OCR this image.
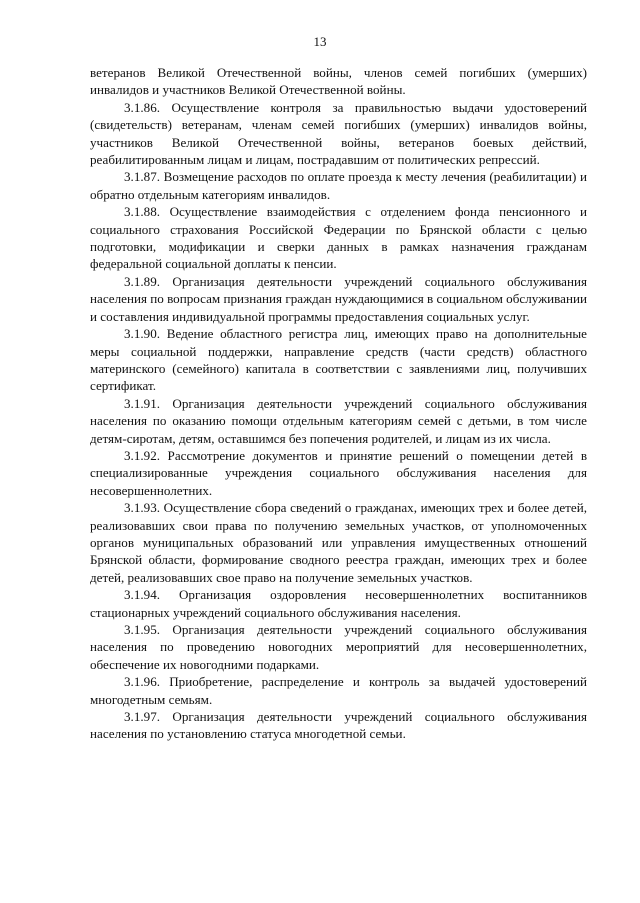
13

ветеранов Великой Отечественной войны, членов семей погибших (умерших) инвалидов и участников Великой Отечественной войны.

3.1.86. Осуществление контроля за правильностью выдачи удостоверений (свидетельств) ветеранам, членам семей погибших (умерших) инвалидов войны, участников Великой Отечественной войны, ветеранов боевых действий, реабилитированным лицам и лицам, пострадавшим от политических репрессий.

3.1.87. Возмещение расходов по оплате проезда к месту лечения (реабилитации) и обратно отдельным категориям инвалидов.

3.1.88. Осуществление взаимодействия с отделением фонда пенсионного и социального страхования Российской Федерации по Брянской области с целью подготовки, модификации и сверки данных в рамках назначения гражданам федеральной социальной доплаты к пенсии.

3.1.89. Организация деятельности учреждений социального обслуживания населения по вопросам признания граждан нуждающимися в социальном обслуживании и составления индивидуальной программы предоставления социальных услуг.

3.1.90. Ведение областного регистра лиц, имеющих право на дополнительные меры социальной поддержки, направление средств (части средств) областного материнского (семейного) капитала в соответствии с заявлениями лиц, получивших сертификат.

3.1.91. Организация деятельности учреждений социального обслуживания населения по оказанию помощи отдельным категориям семей с детьми, в том числе детям-сиротам, детям, оставшимся без попечения родителей, и лицам из их числа.

3.1.92. Рассмотрение документов и принятие решений о помещении детей в специализированные учреждения социального обслуживания населения для несовершеннолетних.

3.1.93. Осуществление сбора сведений о гражданах, имеющих трех и более детей, реализовавших свои права по получению земельных участков, от уполномоченных органов муниципальных образований или управления имущественных отношений Брянской области, формирование сводного реестра граждан, имеющих трех и более детей, реализовавших свое право на получение земельных участков.

3.1.94. Организация оздоровления несовершеннолетних воспитанников стационарных учреждений социального обслуживания населения.

3.1.95. Организация деятельности учреждений социального обслуживания населения по проведению новогодних мероприятий для несовершеннолетних, обеспечение их новогодними подарками.

3.1.96. Приобретение, распределение и контроль за выдачей удостоверений многодетным семьям.

3.1.97. Организация деятельности учреждений социального обслуживания населения по установлению статуса многодетной семьи.
